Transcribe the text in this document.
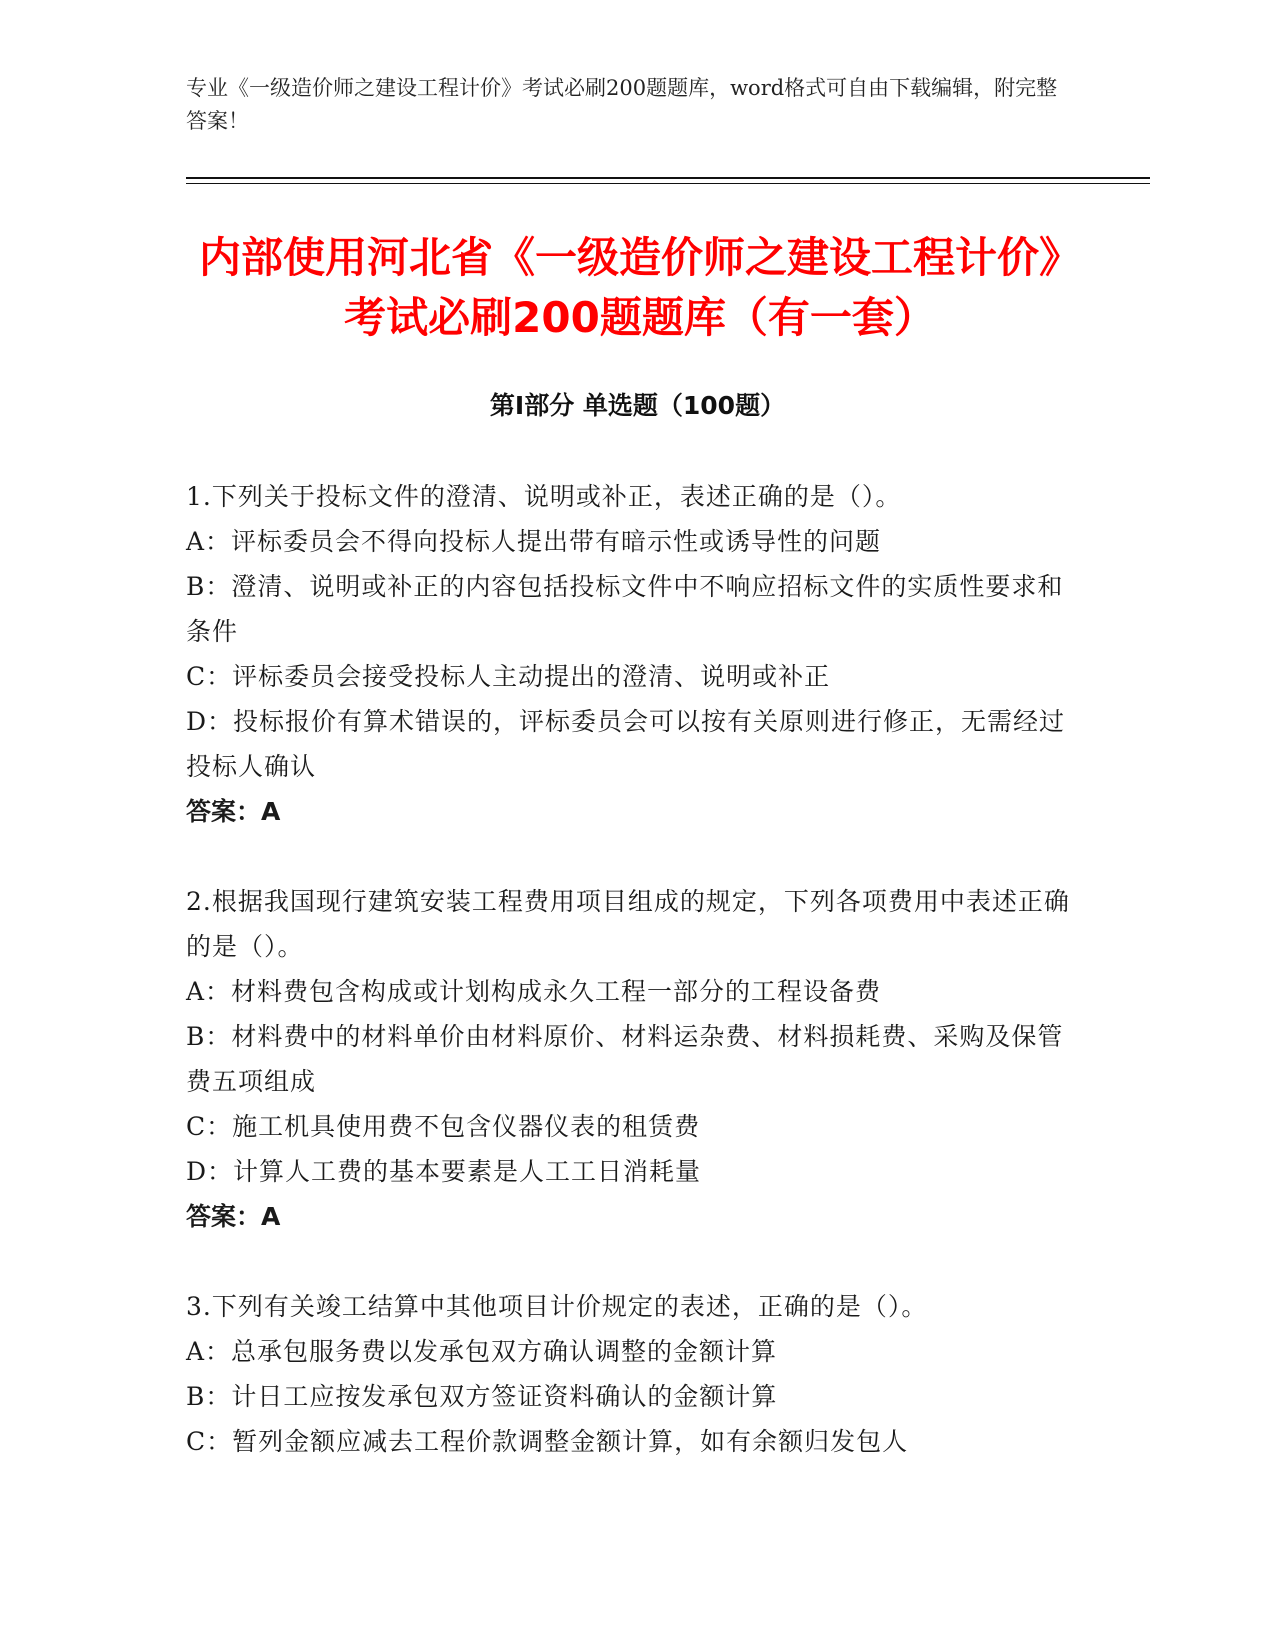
专业《一级造价师之建设工程计价》考试必刷200题题库，word格式可自由下载编辑，附完整答案！
内部使用河北省《一级造价师之建设工程计价》考试必刷200题题库（有一套）
第I部分 单选题（100题）
1.下列关于投标文件的澄清、说明或补正，表述正确的是（）。
A：评标委员会不得向投标人提出带有暗示性或诱导性的问题
B：澄清、说明或补正的内容包括投标文件中不响应招标文件的实质性要求和条件
C：评标委员会接受投标人主动提出的澄清、说明或补正
D：投标报价有算术错误的，评标委员会可以按有关原则进行修正，无需经过投标人确认
答案：A
2.根据我国现行建筑安装工程费用项目组成的规定，下列各项费用中表述正确的是（）。
A：材料费包含构成或计划构成永久工程一部分的工程设备费
B：材料费中的材料单价由材料原价、材料运杂费、材料损耗费、采购及保管费五项组成
C：施工机具使用费不包含仪器仪表的租赁费
D：计算人工费的基本要素是人工工日消耗量
答案：A
3.下列有关竣工结算中其他项目计价规定的表述，正确的是（）。
A：总承包服务费以发承包双方确认调整的金额计算
B：计日工应按发承包双方签证资料确认的金额计算
C：暂列金额应减去工程价款调整金额计算，如有余额归发包人
